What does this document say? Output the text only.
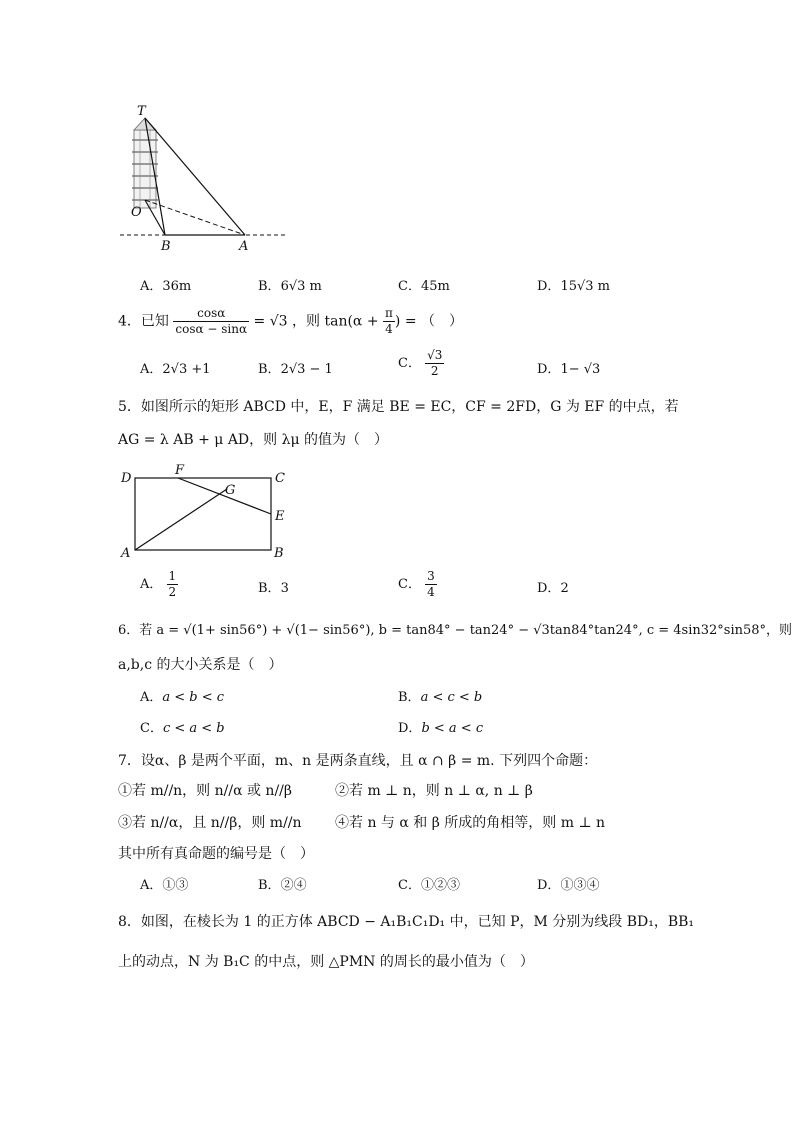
T
O
B	A
A．36m	B．6√3 m	C．45m	D．15√3 m
4．已知 $\frac{\cos\alpha}{\cos\alpha - \sin\alpha} = √3$ ，则 $\tan(\alpha + \frac{\pi}{4}$ ) = （　）
A．2√3 +1	B．2√3 − 1	C． $\frac{√3}{2}$	D．1− √3
5．如图所示的矩形 ABCD 中，E，F 满足 BE = EC，CF = 2FD，G 为 EF 的中点，若
AG = λ AB + μ AD，则 λμ 的值为（　）
D
F
C
G
E
A	B
A． $\frac{1}{2}$	B．3	C． $\frac{3}{4}$	D．2
6．若 a = √(1+ sin56°) + √(1− sin56°), b = tan84° − tan24° − √3tan84°tan24°, c = 4sin32°sin58°，则
a,b,c 的大小关系是（　）
A．a < b < c	B．a < c < b
C．c < a < b	D．b < a < c
7．设α、β 是两个平面，m、n 是两条直线，且 α ∩ β = m. 下列四个命题：
①若 m//n，则 n//α 或 n//β	②若 m ⊥ n，则 n ⊥ α, n ⊥ β
③若 n//α，且 n//β，则 m//n ④若 n 与 α 和 β 所成的角相等，则 m ⊥ n
其中所有真命题的编号是（　）
A．①③	B．②④	C．①②③	D．①③④
8．如图，在棱长为 1 的正方体 ABCD − A₁B₁C₁D₁ 中，已知 P，M 分别为线段 BD₁，BB₁
上的动点，N 为 B₁C 的中点，则 △PMN 的周长的最小值为（　）
